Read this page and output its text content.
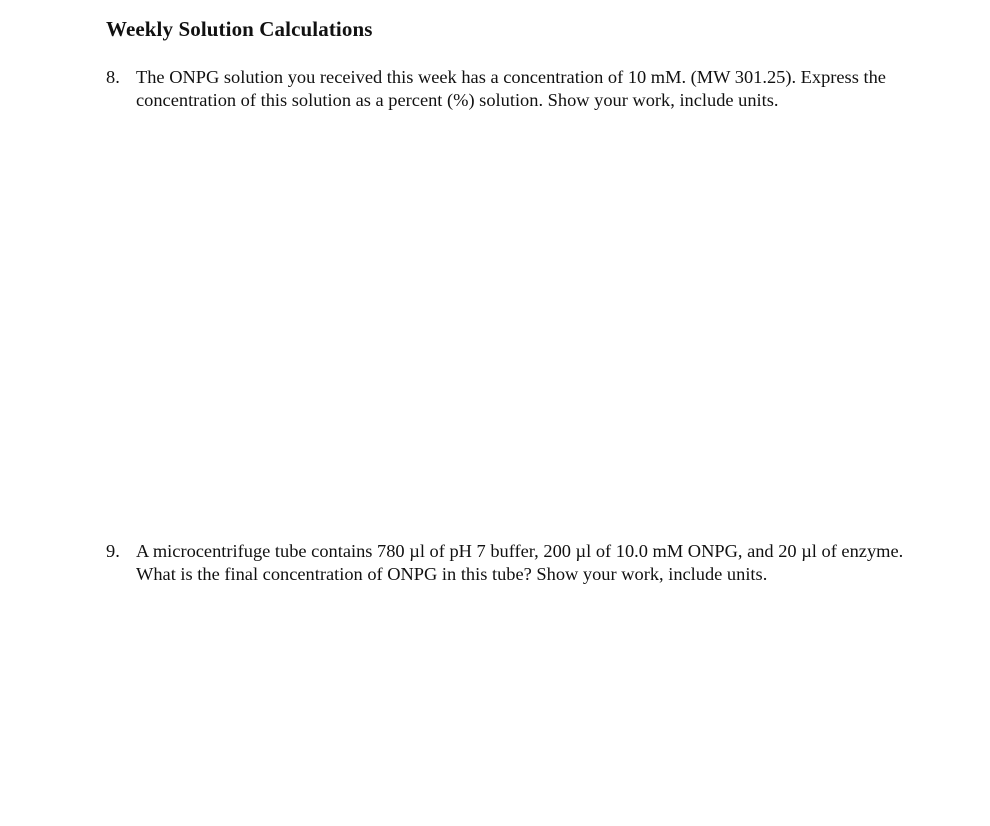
Weekly Solution Calculations
8. The ONPG solution you received this week has a concentration of 10 mM. (MW 301.25). Express the concentration of this solution as a percent (%) solution. Show your work, include units.
9. A microcentrifuge tube contains 780 µl of pH 7 buffer, 200 µl of 10.0 mM ONPG, and 20 µl of enzyme. What is the final concentration of ONPG in this tube? Show your work, include units.
